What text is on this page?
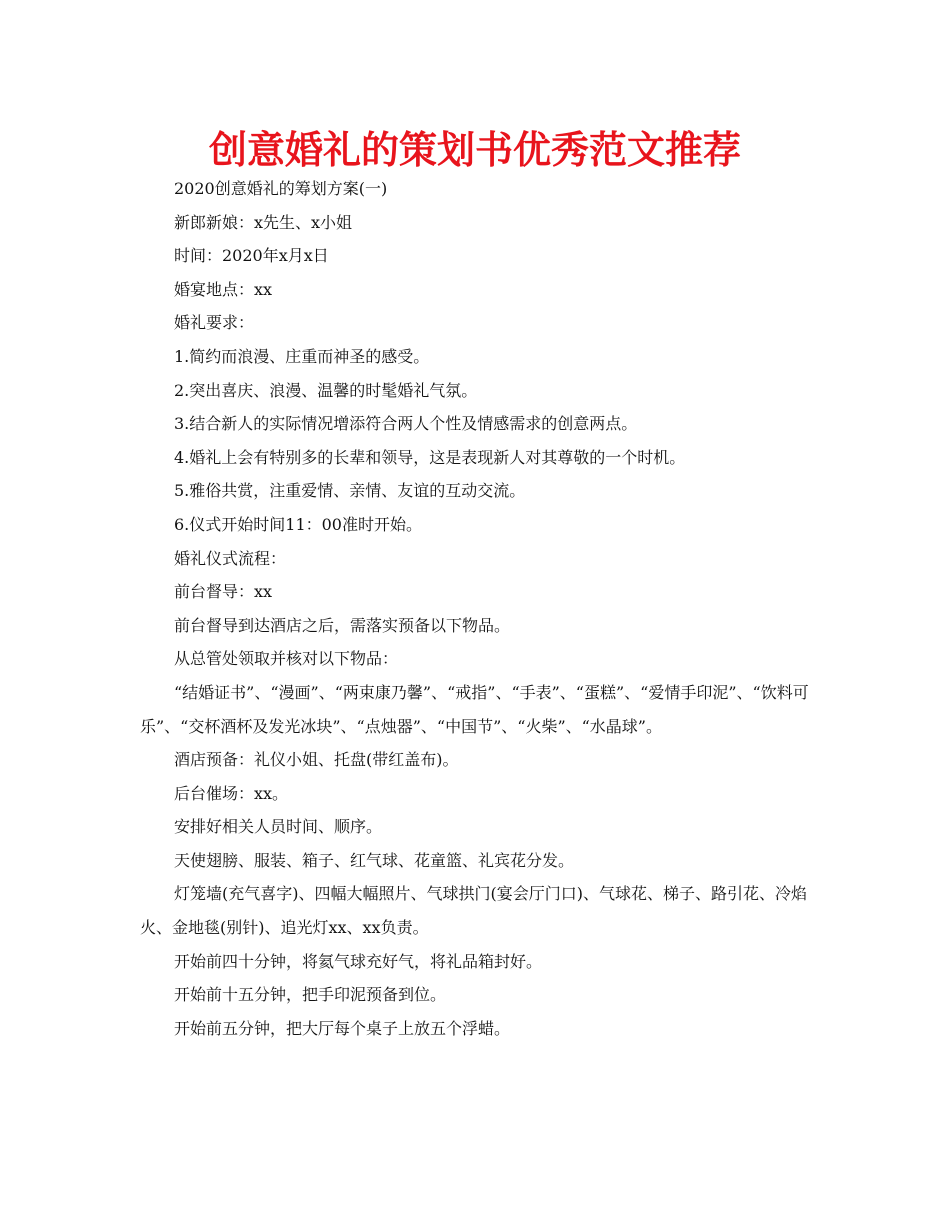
创意婚礼的策划书优秀范文推荐

2020创意婚礼的筹划方案(一)

新郎新娘：x先生、x小姐

时间：2020年x月x日

婚宴地点：xx

婚礼要求：

1.简约而浪漫、庄重而神圣的感受。

2.突出喜庆、浪漫、温馨的时髦婚礼气氛。

3.结合新人的实际情况增添符合两人个性及情感需求的创意两点。

4.婚礼上会有特别多的长辈和领导，这是表现新人对其尊敬的一个时机。

5.雅俗共赏，注重爱情、亲情、友谊的互动交流。

6.仪式开始时间11：00准时开始。

婚礼仪式流程：

前台督导：xx

前台督导到达酒店之后，需落实预备以下物品。

从总管处领取并核对以下物品：

“结婚证书”、“漫画”、“两束康乃馨”、“戒指”、“手表”、“蛋糕”、“爱情手印泥”、“饮料可乐”、“交杯酒杯及发光冰块”、“点烛器”、“中国节”、“火柴”、“水晶球”。

酒店预备：礼仪小姐、托盘(带红盖布)。

后台催场：xx。

安排好相关人员时间、顺序。

天使翅膀、服装、箱子、红气球、花童篮、礼宾花分发。

灯笼墙(充气喜字)、四幅大幅照片、气球拱门(宴会厅门口)、气球花、梯子、路引花、冷焰火、金地毯(别针)、追光灯xx、xx负责。

开始前四十分钟，将氦气球充好气，将礼品箱封好。

开始前十五分钟，把手印泥预备到位。

开始前五分钟，把大厅每个桌子上放五个浮蜡。
